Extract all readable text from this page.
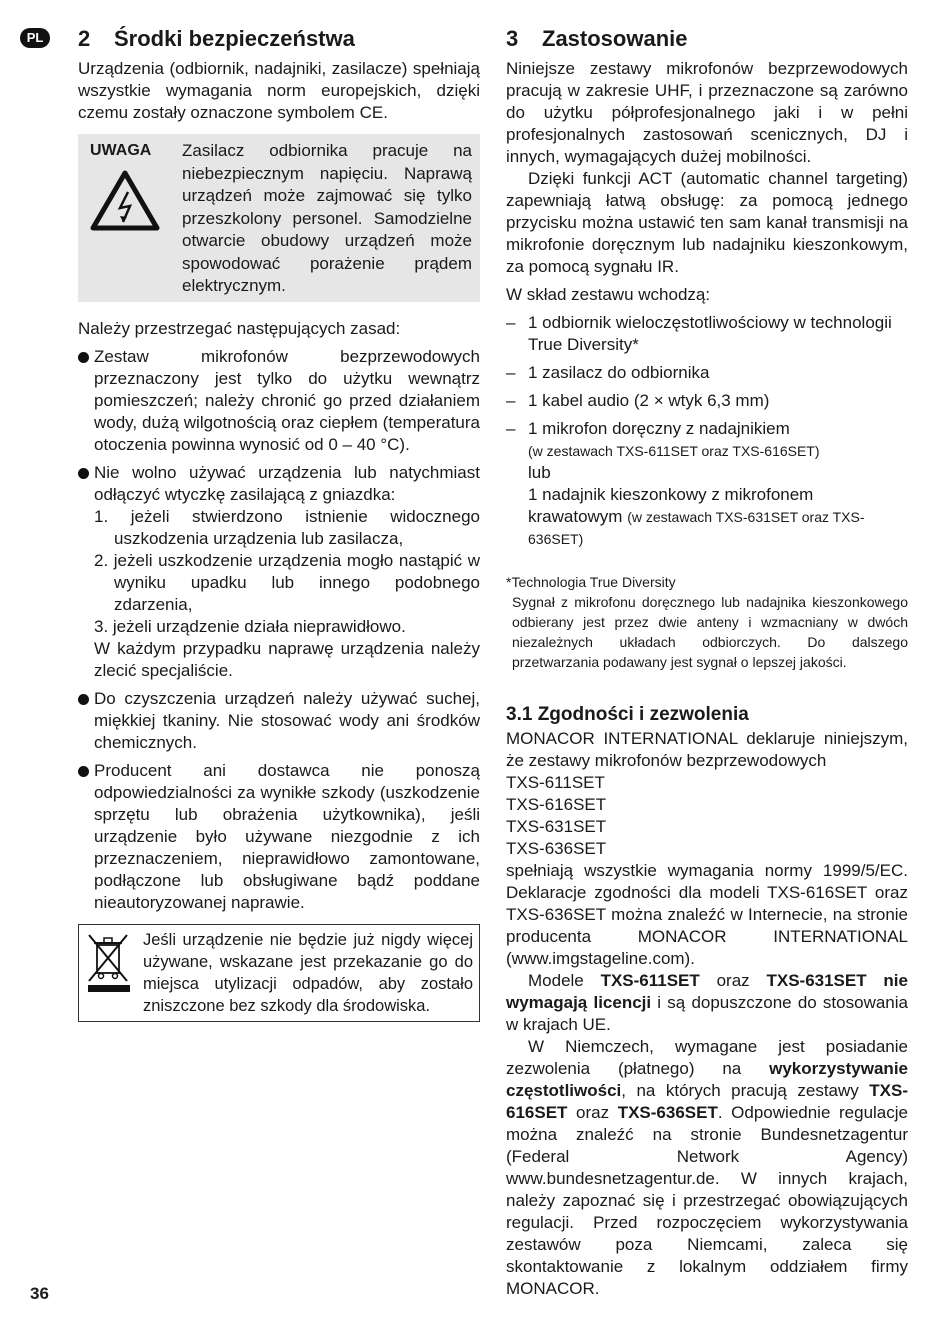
PL
36
2 Środki bezpieczeństwa

Urządzenia (odbiornik, nadajniki, zasilacze) spełniają wszystkie wymagania norm europejskich, dzięki czemu zostały oznaczone symbolem CE.

UWAGA	Zasilacz odbiornika pracuje na niebezpiecznym napięciu. Naprawą urządzeń może zajmować się tylko przeszkolony personel. Samodzielne otwarcie obudowy urządzeń może spowodować porażenie prądem elektrycznym.

Należy przestrzegać następujących zasad:

Zestaw mikrofonów bezprzewodowych przeznaczony jest tylko do użytku wewnątrz pomieszczeń; należy chronić go przed działaniem wody, dużą wilgotnością oraz ciepłem (temperatura otoczenia powinna wynosić od 0 – 40 °C).
Nie wolno używać urządzenia lub natychmiast odłączyć wtyczkę zasilającą z gniazdka:
1. jeżeli stwierdzono istnienie widocznego uszkodzenia urządzenia lub zasilacza,
2. jeżeli uszkodzenie urządzenia mogło nastąpić w wyniku upadku lub innego podobnego zdarzenia,
3. jeżeli urządzenie działa nieprawidłowo.
W każdym przypadku naprawę urządzenia należy zlecić specjaliście.
Do czyszczenia urządzeń należy używać suchej, miękkiej tkaniny. Nie stosować wody ani środków chemicznych.
Producent ani dostawca nie ponoszą odpowiedzialności za wynikłe szkody (uszkodzenie sprzętu lub obrażenia użytkownika), jeśli urządzenie było używane niezgodnie z ich przeznaczeniem, nieprawidłowo zamontowane, podłączone lub obsługiwane bądź poddane nieautoryzowanej naprawie.
Jeśli urządzenie nie będzie już nigdy więcej używane, wskazane jest przekazanie go do miejsca utylizacji odpadów, aby zostało zniszczone bez szkody dla środowiska.
3 Zastosowanie

Niniejsze zestawy mikrofonów bezprzewodowych pracują w zakresie UHF, i przeznaczone są zarówno do użytku półprofesjonalnego jaki i w pełni profesjonalnych zastosowań scenicznych, DJ i innych, wymagających dużej mobilności.

Dzięki funkcji ACT (automatic channel targeting) zapewniają łatwą obsługę: za pomocą jednego przycisku można ustawić ten sam kanał transmisji na mikrofonie doręcznym lub nadajniku kieszonkowym, za pomocą sygnału IR.

W skład zestawu wchodzą:

– 1 odbiornik wieloczęstotliwościowy w technologii True Diversity*
– 1 zasilacz do odbiornika
– 1 kabel audio (2 × wtyk 6,3 mm)
– 1 mikrofon doręczny z nadajnikiem
(w zestawach TXS-611SET oraz TXS-616SET)
lub
1 nadajnik kieszonkowy z mikrofonem krawatowym (w zestawach TXS-631SET oraz TXS-636SET)
*Technologia True Diversity
Sygnał z mikrofonu doręcznego lub nadajnika kieszonkowego odbierany jest przez dwie anteny i wzmacniany w dwóch niezależnych układach odbiorczych. Do dalszego przetwarzania podawany jest sygnał o lepszej jakości.
3.1 Zgodności i zezwolenia

MONACOR INTERNATIONAL deklaruje niniejszym, że zestawy mikrofonów bezprzewodowych

TXS-611SET

TXS-616SET

TXS-631SET

TXS-636SET

spełniają wszystkie wymagania normy 1999/5/EC. Deklaracje zgodności dla modeli TXS-616SET oraz TXS-636SET można znaleźć w Internecie, na stronie producenta MONACOR INTERNATIONAL (www.imgstageline.com).

Modele TXS-611SET oraz TXS-631SET nie wymagają licencji i są dopuszczone do stosowania w krajach UE.

W Niemczech, wymagane jest posiadanie zezwolenia (płatnego) na wykorzystywanie częstotliwości, na których pracują zestawy TXS-616SET oraz TXS-636SET. Odpowiednie regulacje można znaleźć na stronie Bundesnetzagentur (Federal Network Agency) www.bundesnetzagentur.de. W innych krajach, należy zapoznać się i przestrzegać obowiązujących regulacji. Przed rozpoczęciem wykorzystywania zestawów poza Niemcami, zaleca się skontaktowanie z lokalnym oddziałem firmy MONACOR.
